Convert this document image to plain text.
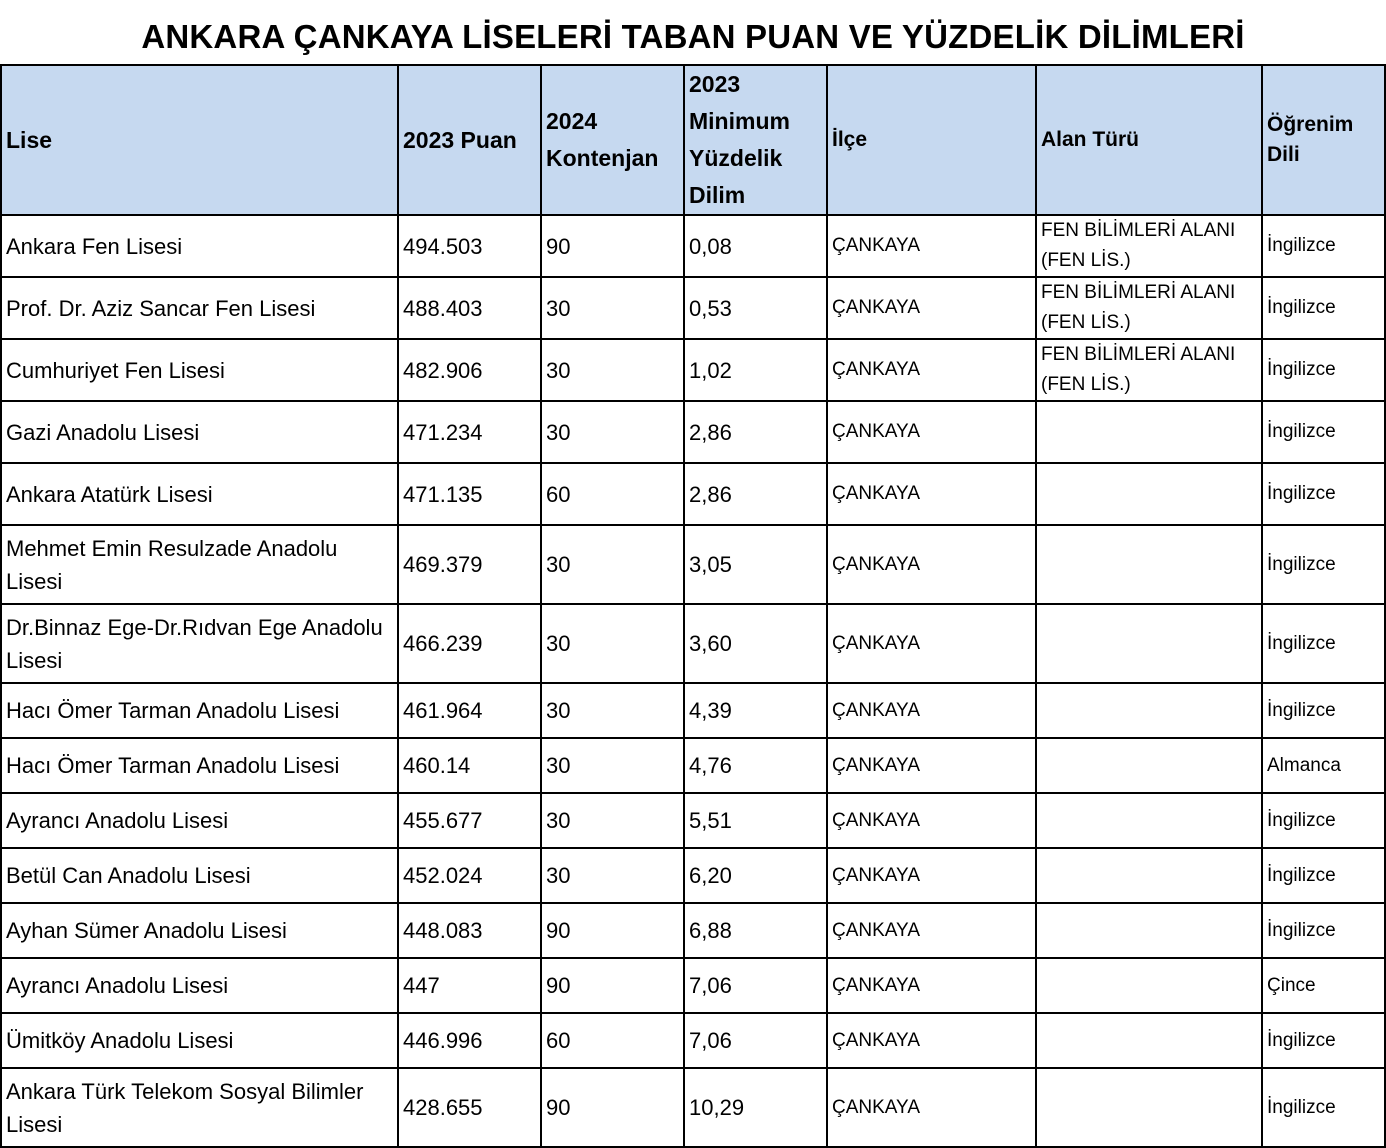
ANKARA ÇANKAYA LİSELERİ TABAN PUAN VE YÜZDELİK DİLİMLERİ
Lise	2023 Puan	2024 Kontenjan	2023 Minimum Yüzdelik Dilim	İlçe	Alan Türü	Öğrenim Dili
Ankara Fen Lisesi	494.503	90	0,08	ÇANKAYA	FEN BİLİMLERİ ALANI (FEN LİS.)	İngilizce
Prof. Dr. Aziz Sancar Fen Lisesi	488.403	30	0,53	ÇANKAYA	FEN BİLİMLERİ ALANI (FEN LİS.)	İngilizce
Cumhuriyet Fen Lisesi	482.906	30	1,02	ÇANKAYA	FEN BİLİMLERİ ALANI (FEN LİS.)	İngilizce
Gazi Anadolu Lisesi	471.234	30	2,86	ÇANKAYA		İngilizce
Ankara Atatürk Lisesi	471.135	60	2,86	ÇANKAYA		İngilizce
Mehmet Emin Resulzade Anadolu Lisesi	469.379	30	3,05	ÇANKAYA		İngilizce
Dr.Binnaz Ege-Dr.Rıdvan Ege Anadolu Lisesi	466.239	30	3,60	ÇANKAYA		İngilizce
Hacı Ömer Tarman Anadolu Lisesi	461.964	30	4,39	ÇANKAYA		İngilizce
Hacı Ömer Tarman Anadolu Lisesi	460.14	30	4,76	ÇANKAYA		Almanca
Ayrancı Anadolu Lisesi	455.677	30	5,51	ÇANKAYA		İngilizce
Betül Can Anadolu Lisesi	452.024	30	6,20	ÇANKAYA		İngilizce
Ayhan Sümer Anadolu Lisesi	448.083	90	6,88	ÇANKAYA		İngilizce
Ayrancı Anadolu Lisesi	447	90	7,06	ÇANKAYA		Çince
Ümitköy Anadolu Lisesi	446.996	60	7,06	ÇANKAYA		İngilizce
Ankara Türk Telekom Sosyal Bilimler Lisesi	428.655	90	10,29	ÇANKAYA		İngilizce
